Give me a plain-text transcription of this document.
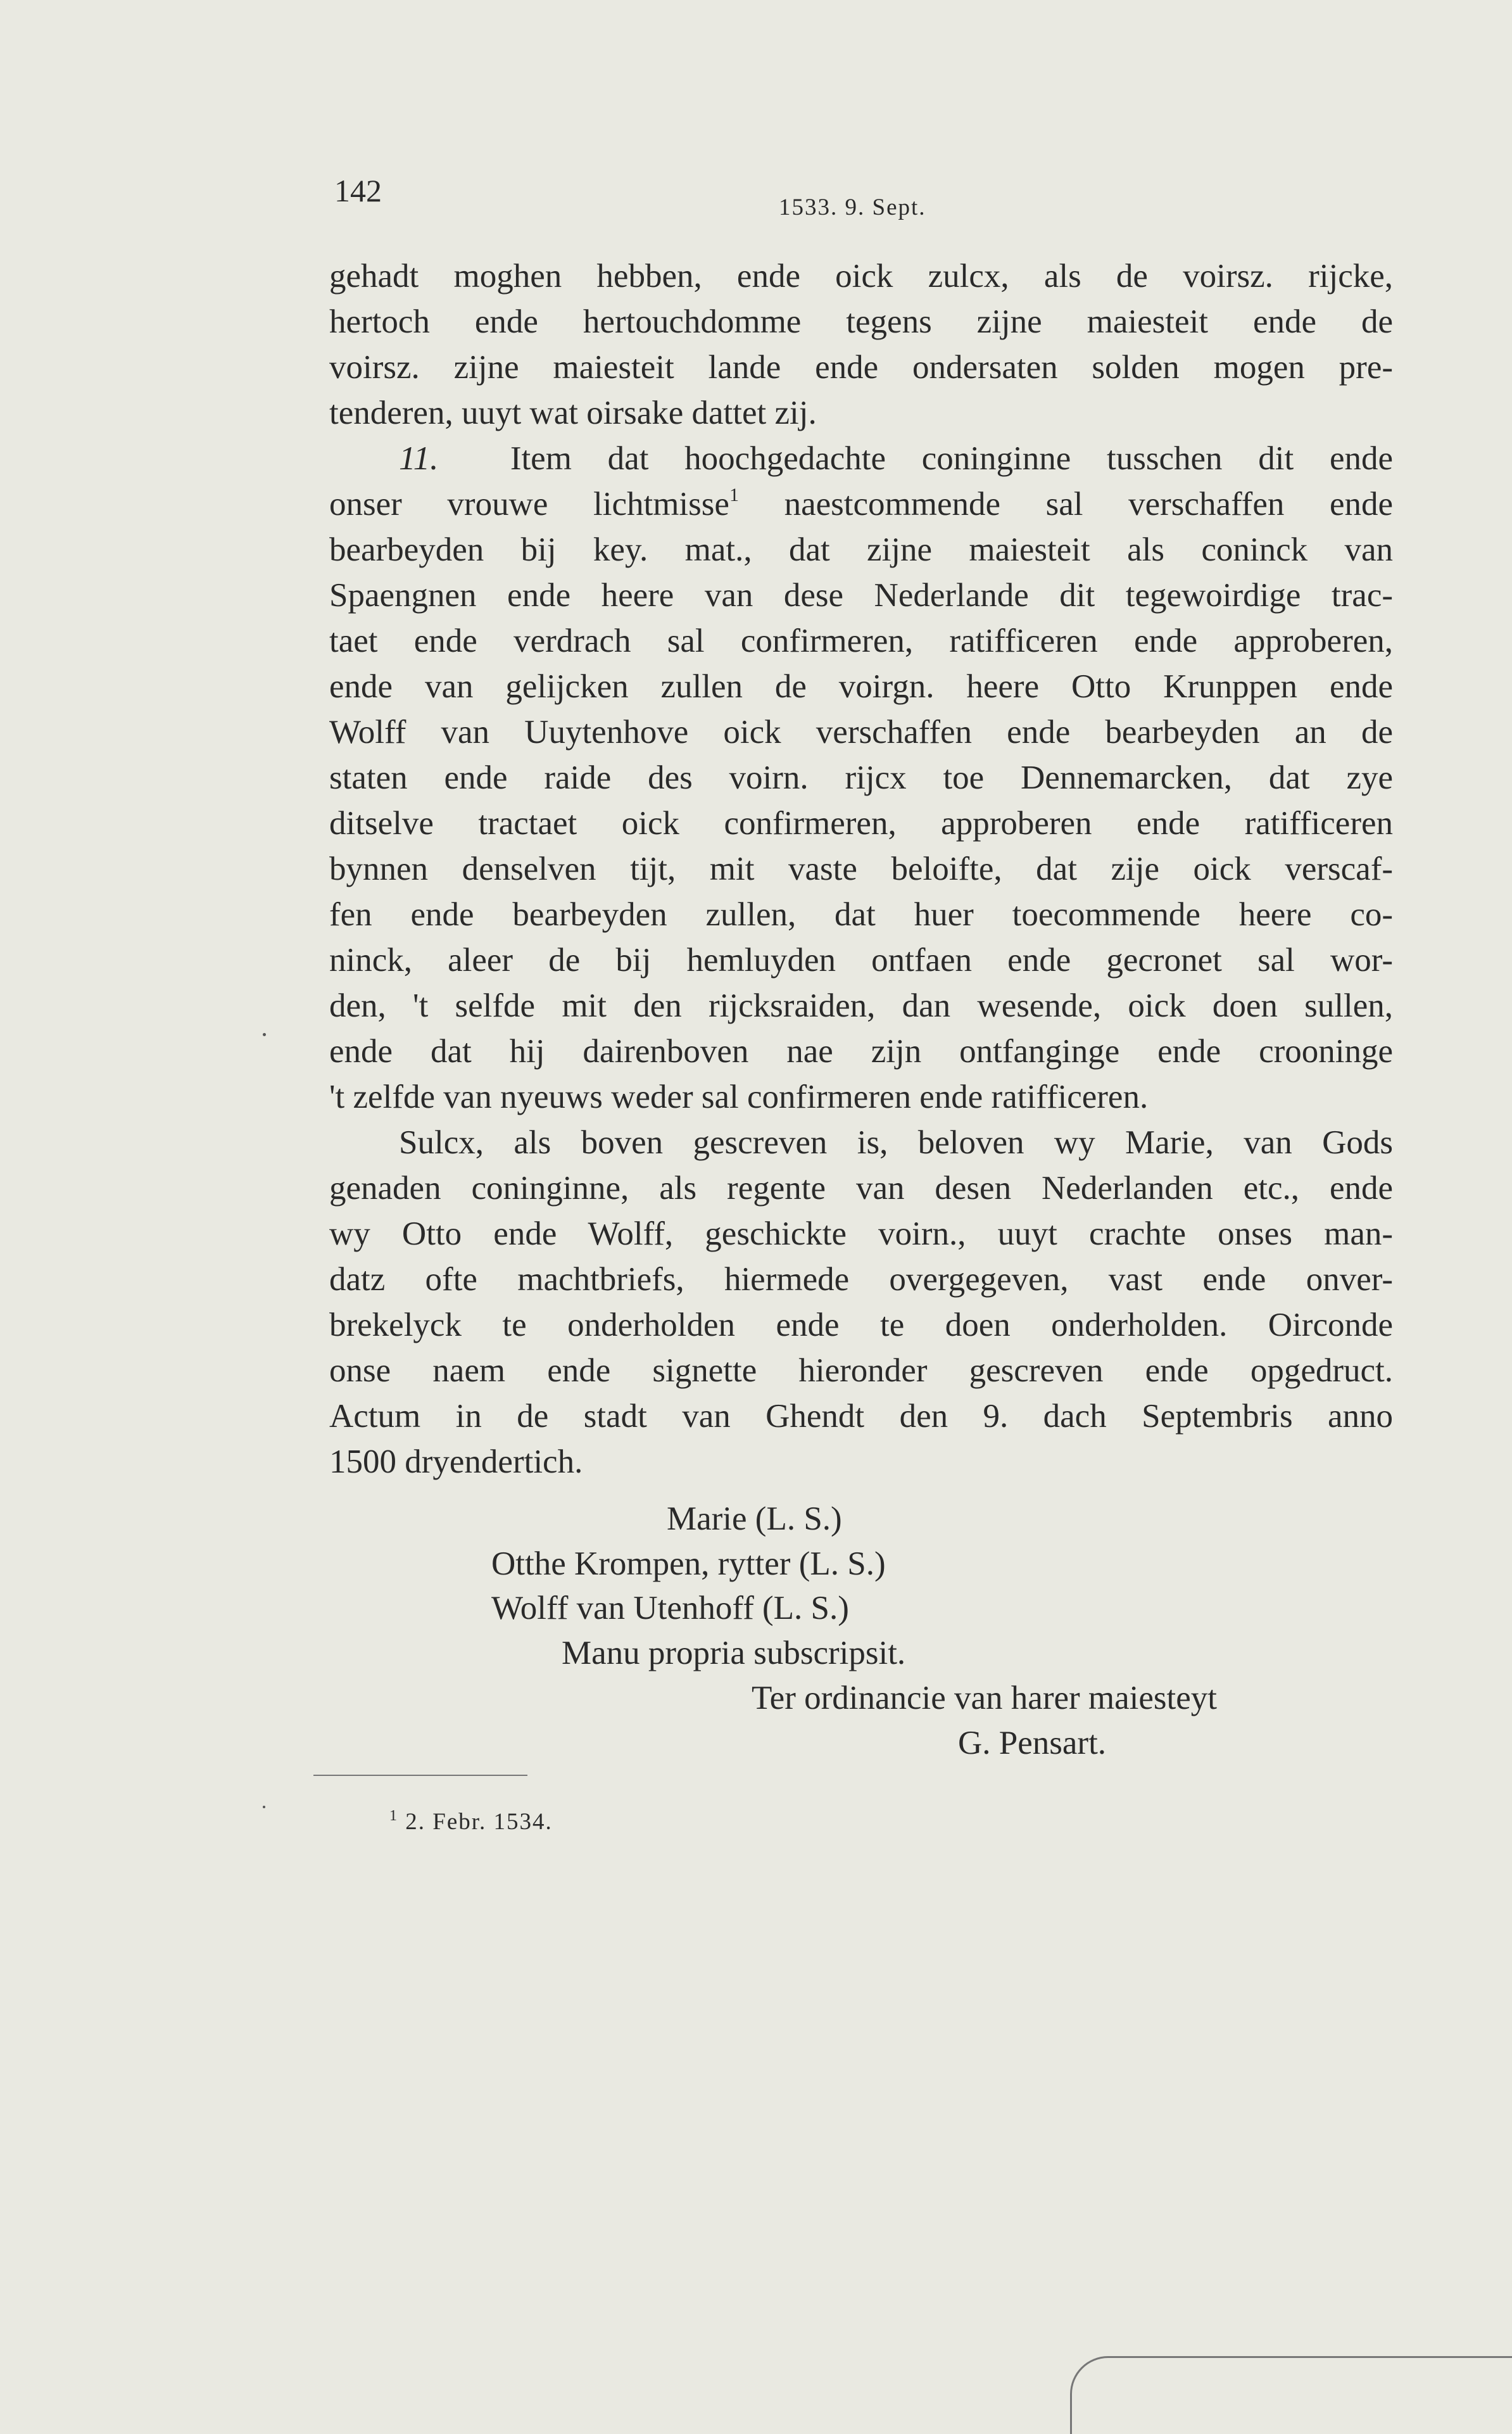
142	1533. 9. Sept.
gehadt moghen hebben, ende oick zulcx, als de voirsz. rijcke,
hertoch ende hertouchdomme tegens zijne maiesteit ende de
voirsz. zijne maiesteit lande ende ondersaten solden mogen pre-
tenderen, uuyt wat oirsake dattet zij.
11. Item dat hoochgedachte coninginne tusschen dit ende
onser vrouwe lichtmisse$^1$ naestcommende sal verschaffen ende
bearbeyden bij key. mat., dat zijne maiesteit als coninck van
Spaengnen ende heere van dese Nederlande dit tegewoirdige trac-
taet ende verdrach sal confirmeren, ratifficeren ende approberen,
ende van gelijcken zullen de voirgn. heere Otto Krunppen ende
Wolff van Uuytenhove oick verschaffen ende bearbeyden an de
staten ende raide des voirn. rijcx toe Dennemarcken, dat zye
ditselve tractaet oick confirmeren, approberen ende ratifficeren
bynnen denselven tijt, mit vaste beloifte, dat zije oick verscaf-
fen ende bearbeyden zullen, dat huer toecommende heere co-
ninck, aleer de bij hemluyden ontfaen ende gecronet sal wor-
den, 't selfde mit den rijcksraiden, dan wesende, oick doen sullen,
ende dat hij dairenboven nae zijn ontfanginge ende crooninge
't zelfde van nyeuws weder sal confirmeren ende ratifficeren.
Sulcx, als boven gescreven is, beloven wy Marie, van Gods
genaden coninginne, als regente van desen Nederlanden etc., ende
wy Otto ende Wolff, geschickte voirn., uuyt crachte onses man-
datz ofte machtbriefs, hiermede overgegeven, vast ende onver-
brekelyck te onderholden ende te doen onderholden. Oirconde
onse naem ende signette hieronder gescreven ende opgedruct.
Actum in de stadt van Ghendt den 9. dach Septembris anno
1500 dryendertich.
Marie (L. S.)
Otthe Krompen, rytter (L. S.)
Wolff van Utenhoff (L. S.)
Manu propria subscripsit.
Ter ordinancie van harer maiesteyt
G. Pensart.
$^1$ 2. Febr. 1534.
